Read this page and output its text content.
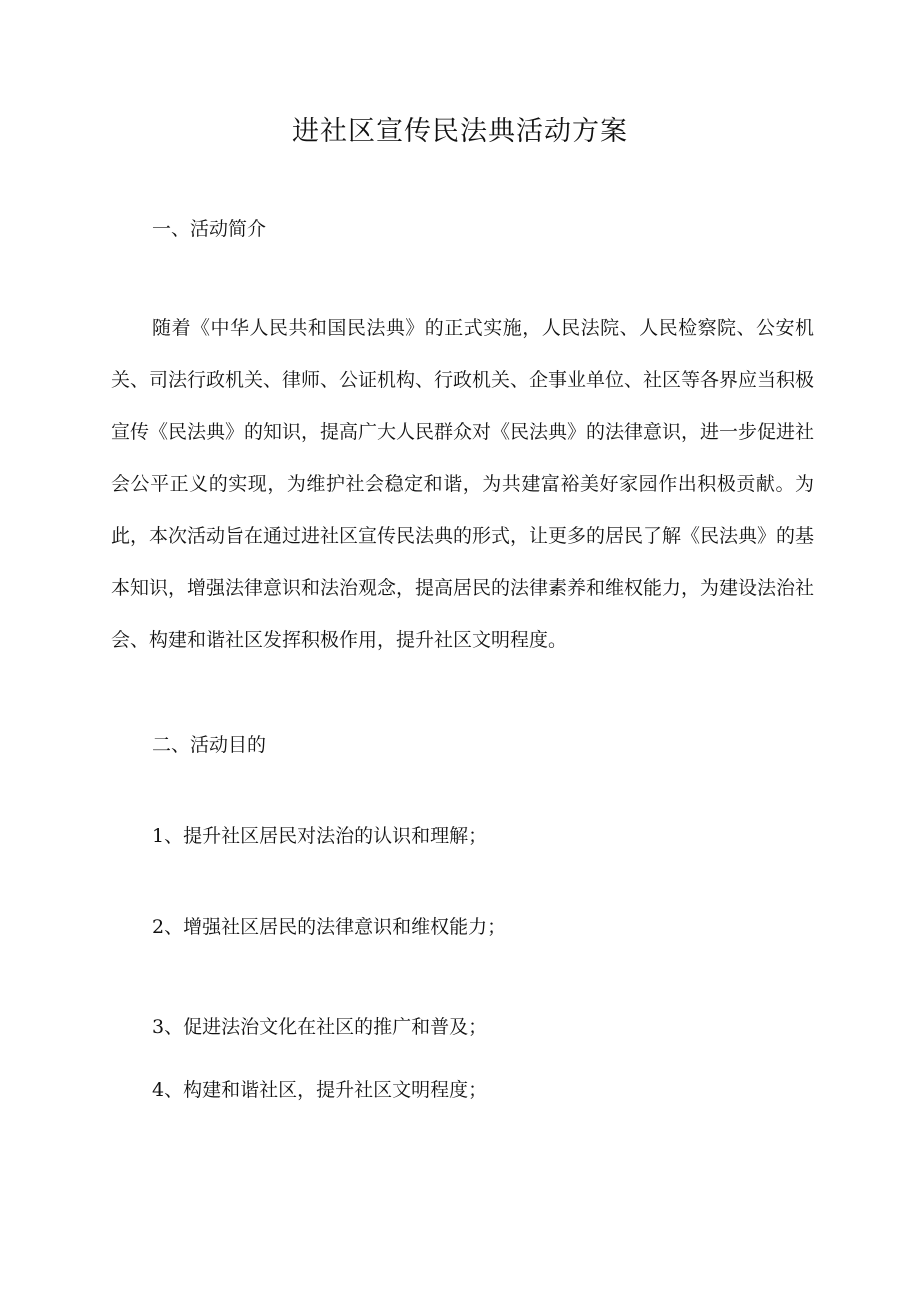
进社区宣传民法典活动方案
一、活动简介

随着《中华人民共和国民法典》的正式实施，人民法院、人民检察院、公安机关、司法行政机关、律师、公证机构、行政机关、企事业单位、社区等各界应当积极宣传《民法典》的知识，提高广大人民群众对《民法典》的法律意识，进一步促进社会公平正义的实现，为维护社会稳定和谐，为共建富裕美好家园作出积极贡献。为此，本次活动旨在通过进社区宣传民法典的形式，让更多的居民了解《民法典》的基本知识，增强法律意识和法治观念，提高居民的法律素养和维权能力，为建设法治社会、构建和谐社区发挥积极作用，提升社区文明程度。

二、活动目的

1、提升社区居民对法治的认识和理解；

2、增强社区居民的法律意识和维权能力；

3、促进法治文化在社区的推广和普及；

4、构建和谐社区，提升社区文明程度；
